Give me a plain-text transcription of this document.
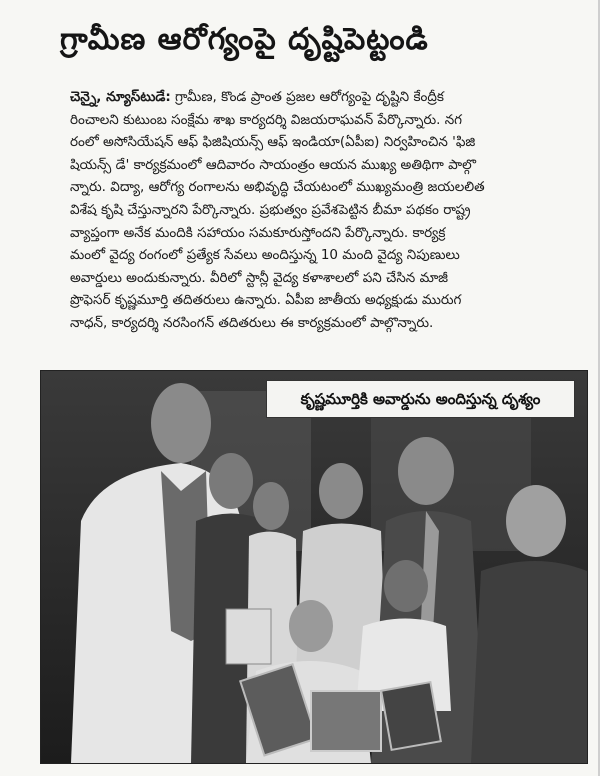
గ్రామీణ ఆరోగ్యంపై దృష్టిపెట్టండి
చెన్నై, న్యూస్‌టుడే: గ్రామీణ, కొండ ప్రాంత ప్రజల ఆరోగ్యంపై దృష్టిని కేంద్రీక
రించాలని కుటుంబ సంక్షేమ శాఖ కార్యదర్శి విజయరాఘవన్ పేర్కొన్నారు. నగ
రంలో అసోసియేషన్ ఆఫ్ ఫిజిషియన్స్ ఆఫ్ ఇండియా(ఏపీఐ) నిర్వహించిన 'ఫిజి
షియన్స్ డే' కార్యక్రమంలో ఆదివారం సాయంత్రం ఆయన ముఖ్య అతిథిగా పాల్గొ
న్నారు. విద్యా, ఆరోగ్య రంగాలను అభివృద్ధి చేయటంలో ముఖ్యమంత్రి జయలలిత
విశేష కృషి చేస్తున్నారని పేర్కొన్నారు. ప్రభుత్వం ప్రవేశపెట్టిన బీమా పథకం రాష్ట్ర
వ్యాప్తంగా అనేక మందికి సహాయం సమకూరుస్తోందని పేర్కొన్నారు. కార్యక్ర
మంలో వైద్య రంగంలో ప్రత్యేక సేవలు అందిస్తున్న 10 మంది వైద్య నిపుణులు
అవార్డులు అందుకున్నారు. వీరిలో స్టాన్లీ వైద్య కళాశాలలో పని చేసిన మాజీ
ప్రొఫెసర్ కృష్ణమూర్తి తదితరులు ఉన్నారు. ఏపీఐ జాతీయ అధ్యక్షుడు మురుగ
నాధన్, కార్యదర్శి నరసింగన్ తదితరులు ఈ కార్యక్రమంలో పాల్గొన్నారు.
కృష్ణమూర్తికి అవార్డును అందిస్తున్న దృశ్యం
